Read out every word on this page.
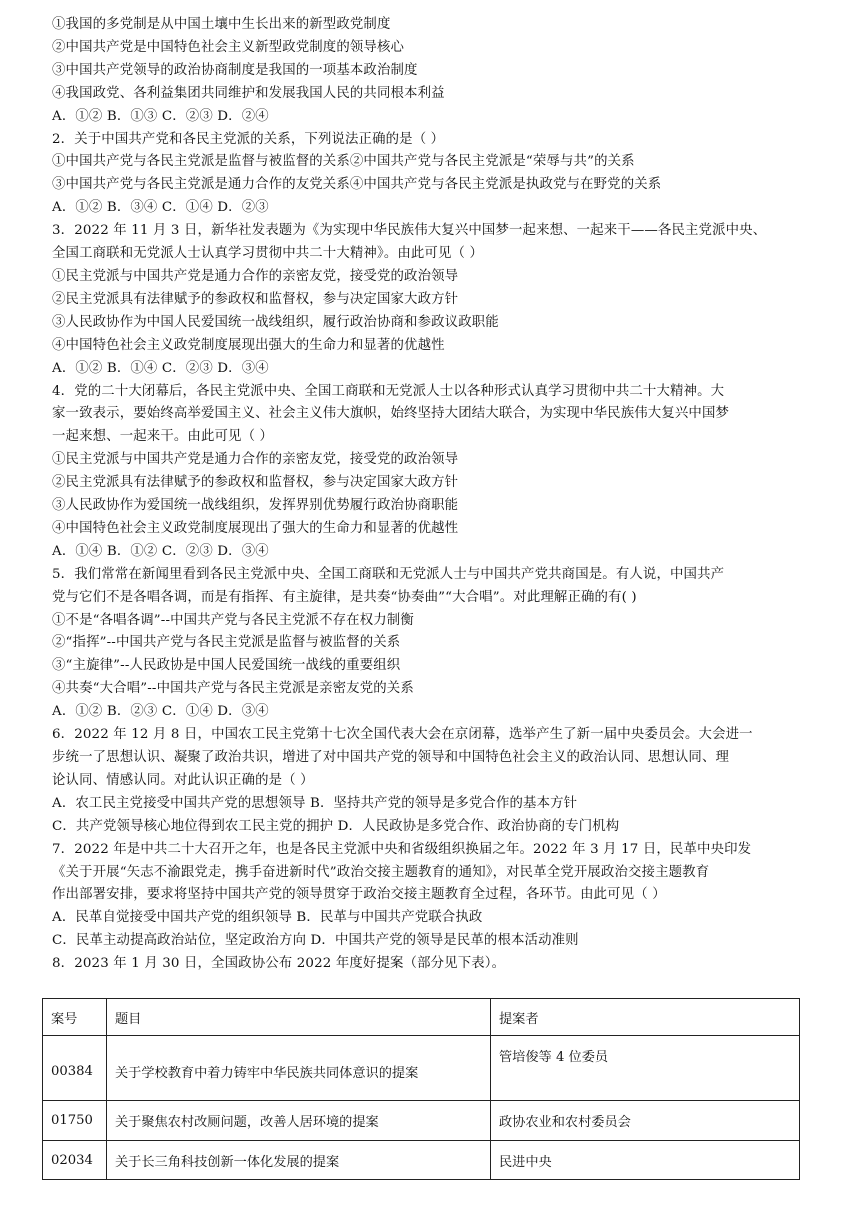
①我国的多党制是从中国土壤中生长出来的新型政党制度
②中国共产党是中国特色社会主义新型政党制度的领导核心
③中国共产党领导的政治协商制度是我国的一项基本政治制度
④我国政党、各利益集团共同维护和发展我国人民的共同根本利益
A．①② B．①③ C．②③ D．②④
2．关于中国共产党和各民主党派的关系，下列说法正确的是（ ）
①中国共产党与各民主党派是监督与被监督的关系②中国共产党与各民主党派是“荣辱与共”的关系
③中国共产党与各民主党派是通力合作的友党关系④中国共产党与各民主党派是执政党与在野党的关系
A．①② B．③④ C．①④ D．②③
3．2022 年 11 月 3 日，新华社发表题为《为实现中华民族伟大复兴中国梦一起来想、一起来干——各民主党派中央、
全国工商联和无党派人士认真学习贯彻中共二十大精神》。由此可见（ ）
①民主党派与中国共产党是通力合作的亲密友党，接受党的政治领导
②民主党派具有法律赋予的参政权和监督权，参与决定国家大政方针
③人民政协作为中国人民爱国统一战线组织，履行政治协商和参政议政职能
④中国特色社会主义政党制度展现出强大的生命力和显著的优越性
A．①② B．①④ C．②③ D．③④
4．党的二十大闭幕后，各民主党派中央、全国工商联和无党派人士以各种形式认真学习贯彻中共二十大精神。大
家一致表示，要始终高举爱国主义、社会主义伟大旗帜，始终坚持大团结大联合，为实现中华民族伟大复兴中国梦
一起来想、一起来干。由此可见（ ）
①民主党派与中国共产党是通力合作的亲密友党，接受党的政治领导
②民主党派具有法律赋予的参政权和监督权，参与决定国家大政方针
③人民政协作为爱国统一战线组织，发挥界别优势履行政治协商职能
④中国特色社会主义政党制度展现出了强大的生命力和显著的优越性
A．①④ B．①② C．②③ D．③④
5．我们常常在新闻里看到各民主党派中央、全国工商联和无党派人士与中国共产党共商国是。有人说，中国共产
党与它们不是各唱各调，而是有指挥、有主旋律，是共奏“协奏曲”“大合唱”。对此理解正确的有( )
①不是“各唱各调”--中国共产党与各民主党派不存在权力制衡
②“指挥”--中国共产党与各民主党派是监督与被监督的关系
③“主旋律”--人民政协是中国人民爱国统一战线的重要组织
④共奏“大合唱”--中国共产党与各民主党派是亲密友党的关系
A．①② B．②③ C．①④ D．③④
6．2022 年 12 月 8 日，中国农工民主党第十七次全国代表大会在京闭幕，选举产生了新一届中央委员会。大会进一
步统一了思想认识、凝聚了政治共识，增进了对中国共产党的领导和中国特色社会主义的政治认同、思想认同、理
论认同、情感认同。对此认识正确的是（ ）
A．农工民主党接受中国共产党的思想领导 B．坚持共产党的领导是多党合作的基本方针
C．共产党领导核心地位得到农工民主党的拥护 D．人民政协是多党合作、政治协商的专门机构
7．2022 年是中共二十大召开之年，也是各民主党派中央和省级组织换届之年。2022 年 3 月 17 日，民革中央印发
《关于开展“矢志不渝跟党走，携手奋进新时代”政治交接主题教育的通知》，对民革全党开展政治交接主题教育
作出部署安排，要求将坚持中国共产党的领导贯穿于政治交接主题教育全过程，各环节。由此可见（ ）
A．民革自觉接受中国共产党的组织领导 B．民革与中国共产党联合执政
C．民革主动提高政治站位，坚定政治方向 D．中国共产党的领导是民革的根本活动准则
8．2023 年 1 月 30 日，全国政协公布 2022 年度好提案（部分见下表）。
案号	题目	提案者
00384	关于学校教育中着力铸牢中华民族共同体意识的提案	管培俊等 4 位委员
01750	关于聚焦农村改厕问题，改善人居环境的提案	政协农业和农村委员会
02034	关于长三角科技创新一体化发展的提案	民进中央
